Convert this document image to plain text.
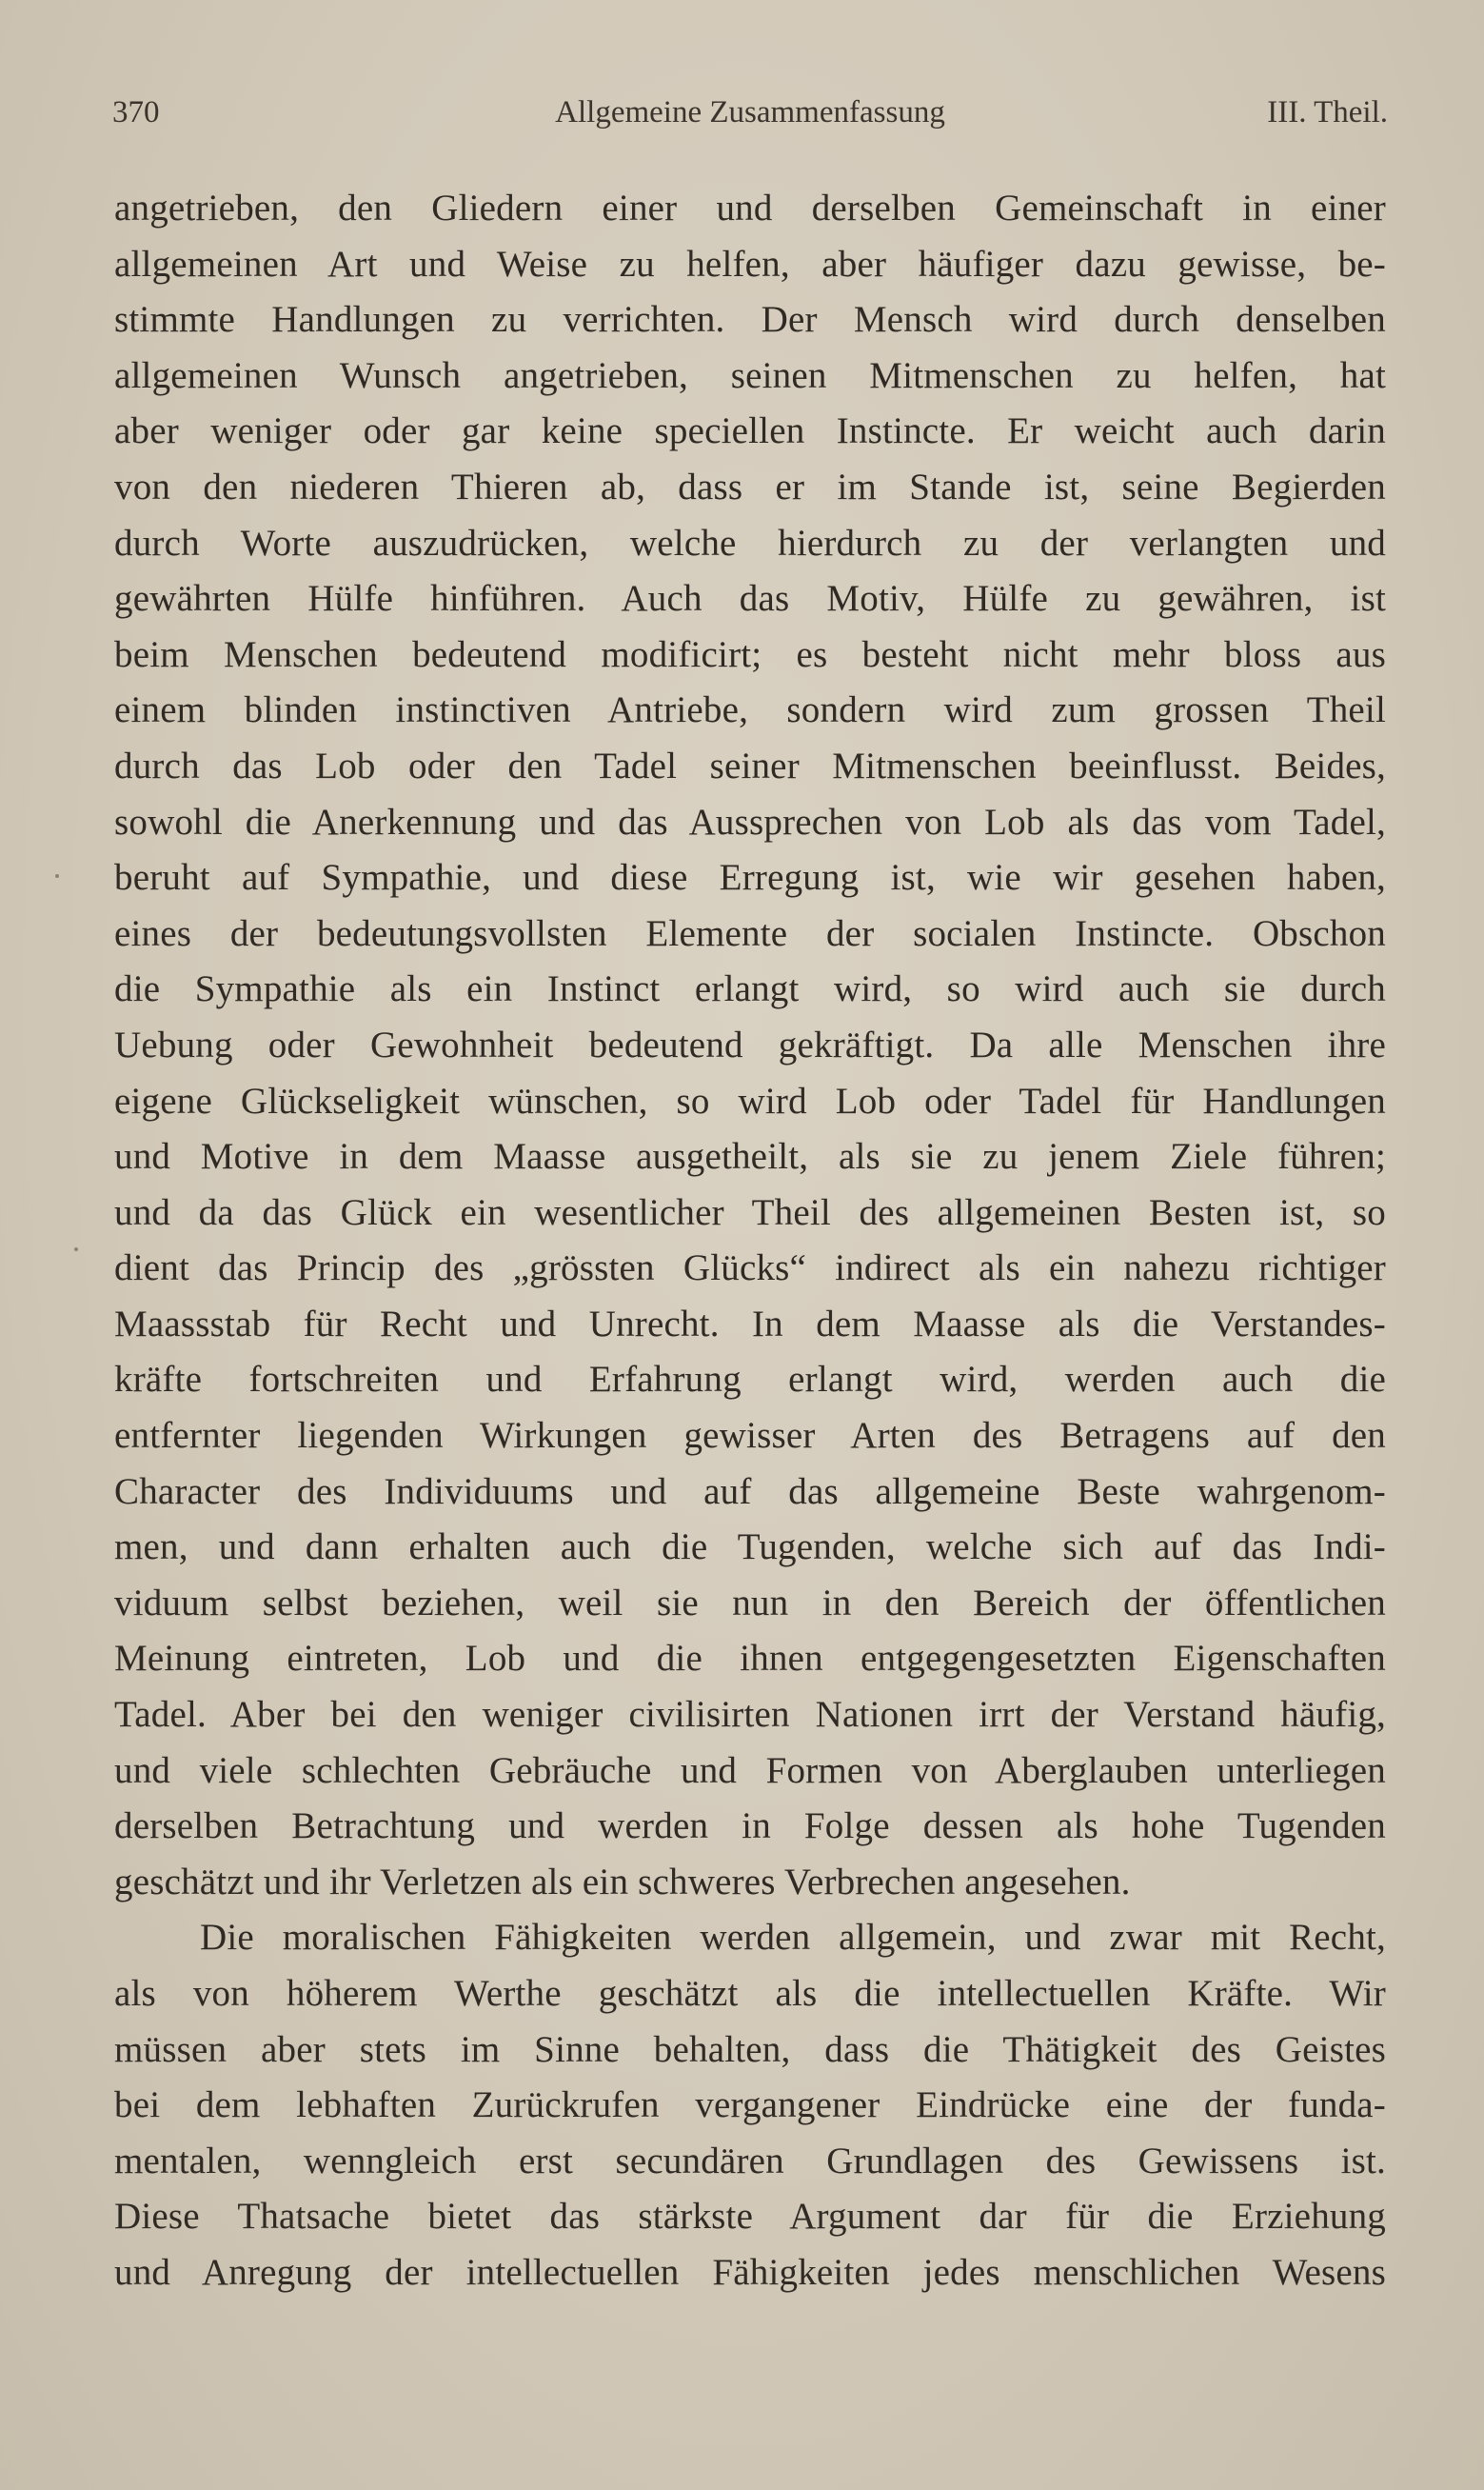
370	Allgemeine Zusammenfassung	III. Theil.
angetrieben, den Gliedern einer und derselben Gemeinschaft in einer
allgemeinen Art und Weise zu helfen, aber häufiger dazu gewisse, be-
stimmte Handlungen zu verrichten. Der Mensch wird durch denselben
allgemeinen Wunsch angetrieben, seinen Mitmenschen zu helfen, hat
aber weniger oder gar keine speciellen Instincte. Er weicht auch darin
von den niederen Thieren ab, dass er im Stande ist, seine Begierden
durch Worte auszudrücken, welche hierdurch zu der verlangten und
gewährten Hülfe hinführen. Auch das Motiv, Hülfe zu gewähren, ist
beim Menschen bedeutend modificirt; es besteht nicht mehr bloss aus
einem blinden instinctiven Antriebe, sondern wird zum grossen Theil
durch das Lob oder den Tadel seiner Mitmenschen beeinflusst. Beides,
sowohl die Anerkennung und das Aussprechen von Lob als das vom Tadel,
beruht auf Sympathie, und diese Erregung ist, wie wir gesehen haben,
eines der bedeutungsvollsten Elemente der socialen Instincte. Obschon
die Sympathie als ein Instinct erlangt wird, so wird auch sie durch
Uebung oder Gewohnheit bedeutend gekräftigt. Da alle Menschen ihre
eigene Glückseligkeit wünschen, so wird Lob oder Tadel für Handlungen
und Motive in dem Maasse ausgetheilt, als sie zu jenem Ziele führen;
und da das Glück ein wesentlicher Theil des allgemeinen Besten ist, so
dient das Princip des „grössten Glücks“ indirect als ein nahezu richtiger
Maassstab für Recht und Unrecht. In dem Maasse als die Verstandes-
kräfte fortschreiten und Erfahrung erlangt wird, werden auch die
entfernter liegenden Wirkungen gewisser Arten des Betragens auf den
Character des Individuums und auf das allgemeine Beste wahrgenom-
men, und dann erhalten auch die Tugenden, welche sich auf das Indi-
viduum selbst beziehen, weil sie nun in den Bereich der öffentlichen
Meinung eintreten, Lob und die ihnen entgegengesetzten Eigenschaften
Tadel. Aber bei den weniger civilisirten Nationen irrt der Verstand häufig,
und viele schlechten Gebräuche und Formen von Aberglauben unterliegen
derselben Betrachtung und werden in Folge dessen als hohe Tugenden
geschätzt und ihr Verletzen als ein schweres Verbrechen angesehen.
Die moralischen Fähigkeiten werden allgemein, und zwar mit Recht,
als von höherem Werthe geschätzt als die intellectuellen Kräfte. Wir
müssen aber stets im Sinne behalten, dass die Thätigkeit des Geistes
bei dem lebhaften Zurückrufen vergangener Eindrücke eine der funda-
mentalen, wenngleich erst secundären Grundlagen des Gewissens ist.
Diese Thatsache bietet das stärkste Argument dar für die Erziehung
und Anregung der intellectuellen Fähigkeiten jedes menschlichen Wesens
